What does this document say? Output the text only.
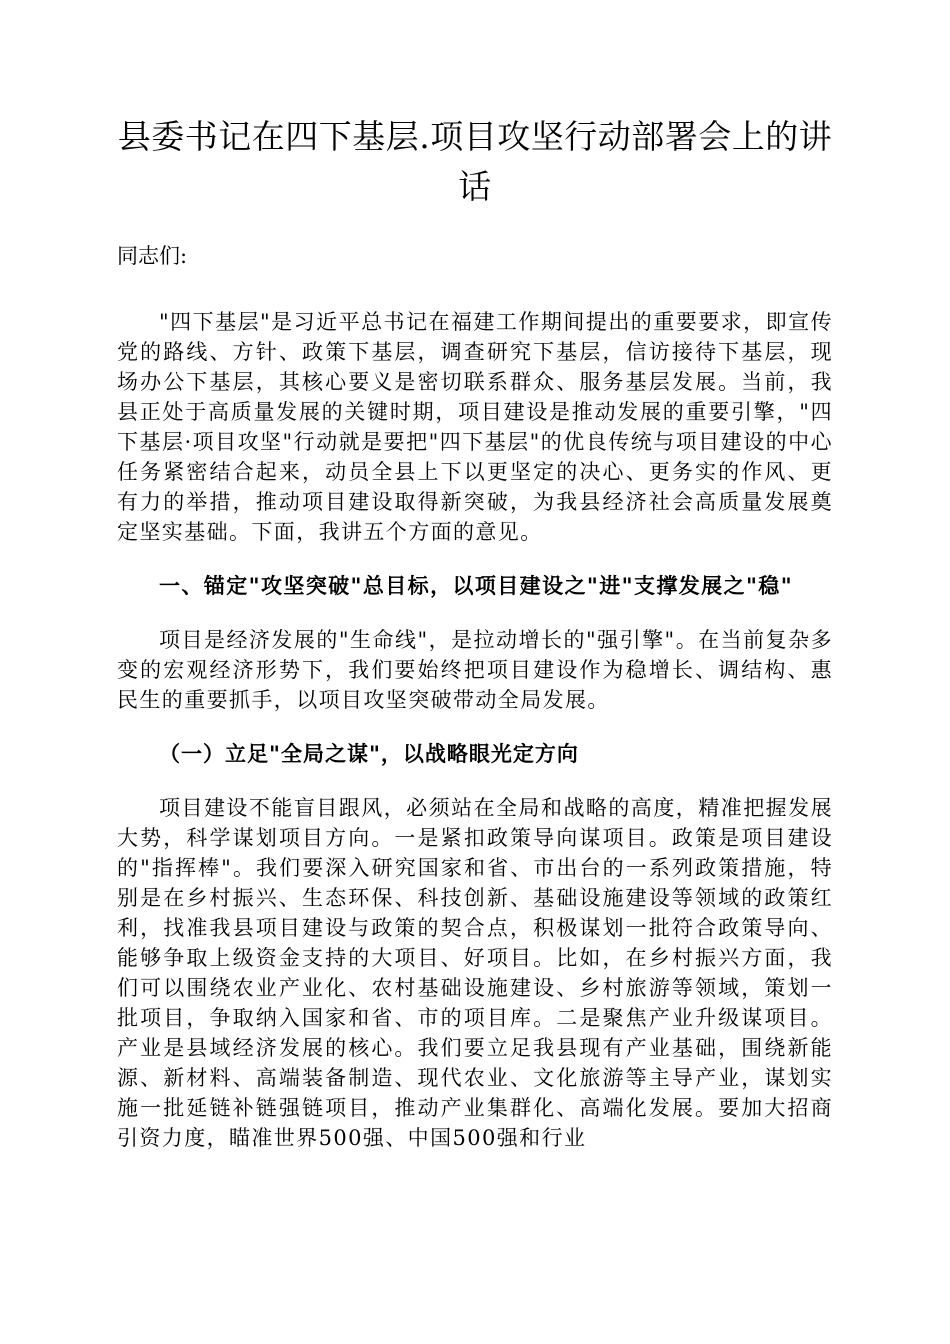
县委书记在四下基层.项目攻坚行动部署会上的讲话

同志们:

"四下基层"是习近平总书记在福建工作期间提出的重要要求，即宣传党的路线、方针、政策下基层，调查研究下基层，信访接待下基层，现场办公下基层，其核心要义是密切联系群众、服务基层发展。当前，我县正处于高质量发展的关键时期，项目建设是推动发展的重要引擎，"四下基层·项目攻坚"行动就是要把"四下基层"的优良传统与项目建设的中心任务紧密结合起来，动员全县上下以更坚定的决心、更务实的作风、更有力的举措，推动项目建设取得新突破，为我县经济社会高质量发展奠定坚实基础。下面，我讲五个方面的意见。

一、锚定"攻坚突破"总目标，以项目建设之"进"支撑发展之"稳"

项目是经济发展的"生命线"，是拉动增长的"强引擎"。在当前复杂多变的宏观经济形势下，我们要始终把项目建设作为稳增长、调结构、惠民生的重要抓手，以项目攻坚突破带动全局发展。

（一）立足"全局之谋"，以战略眼光定方向

项目建设不能盲目跟风，必须站在全局和战略的高度，精准把握发展大势，科学谋划项目方向。一是紧扣政策导向谋项目。政策是项目建设的"指挥棒"。我们要深入研究国家和省、市出台的一系列政策措施，特别是在乡村振兴、生态环保、科技创新、基础设施建设等领域的政策红利，找准我县项目建设与政策的契合点，积极谋划一批符合政策导向、能够争取上级资金支持的大项目、好项目。比如，在乡村振兴方面，我们可以围绕农业产业化、农村基础设施建设、乡村旅游等领域，策划一批项目，争取纳入国家和省、市的项目库。二是聚焦产业升级谋项目。产业是县域经济发展的核心。我们要立足我县现有产业基础，围绕新能源、新材料、高端装备制造、现代农业、文化旅游等主导产业，谋划实施一批延链补链强链项目，推动产业集群化、高端化发展。要加大招商引资力度，瞄准世界500强、中国500强和行业
